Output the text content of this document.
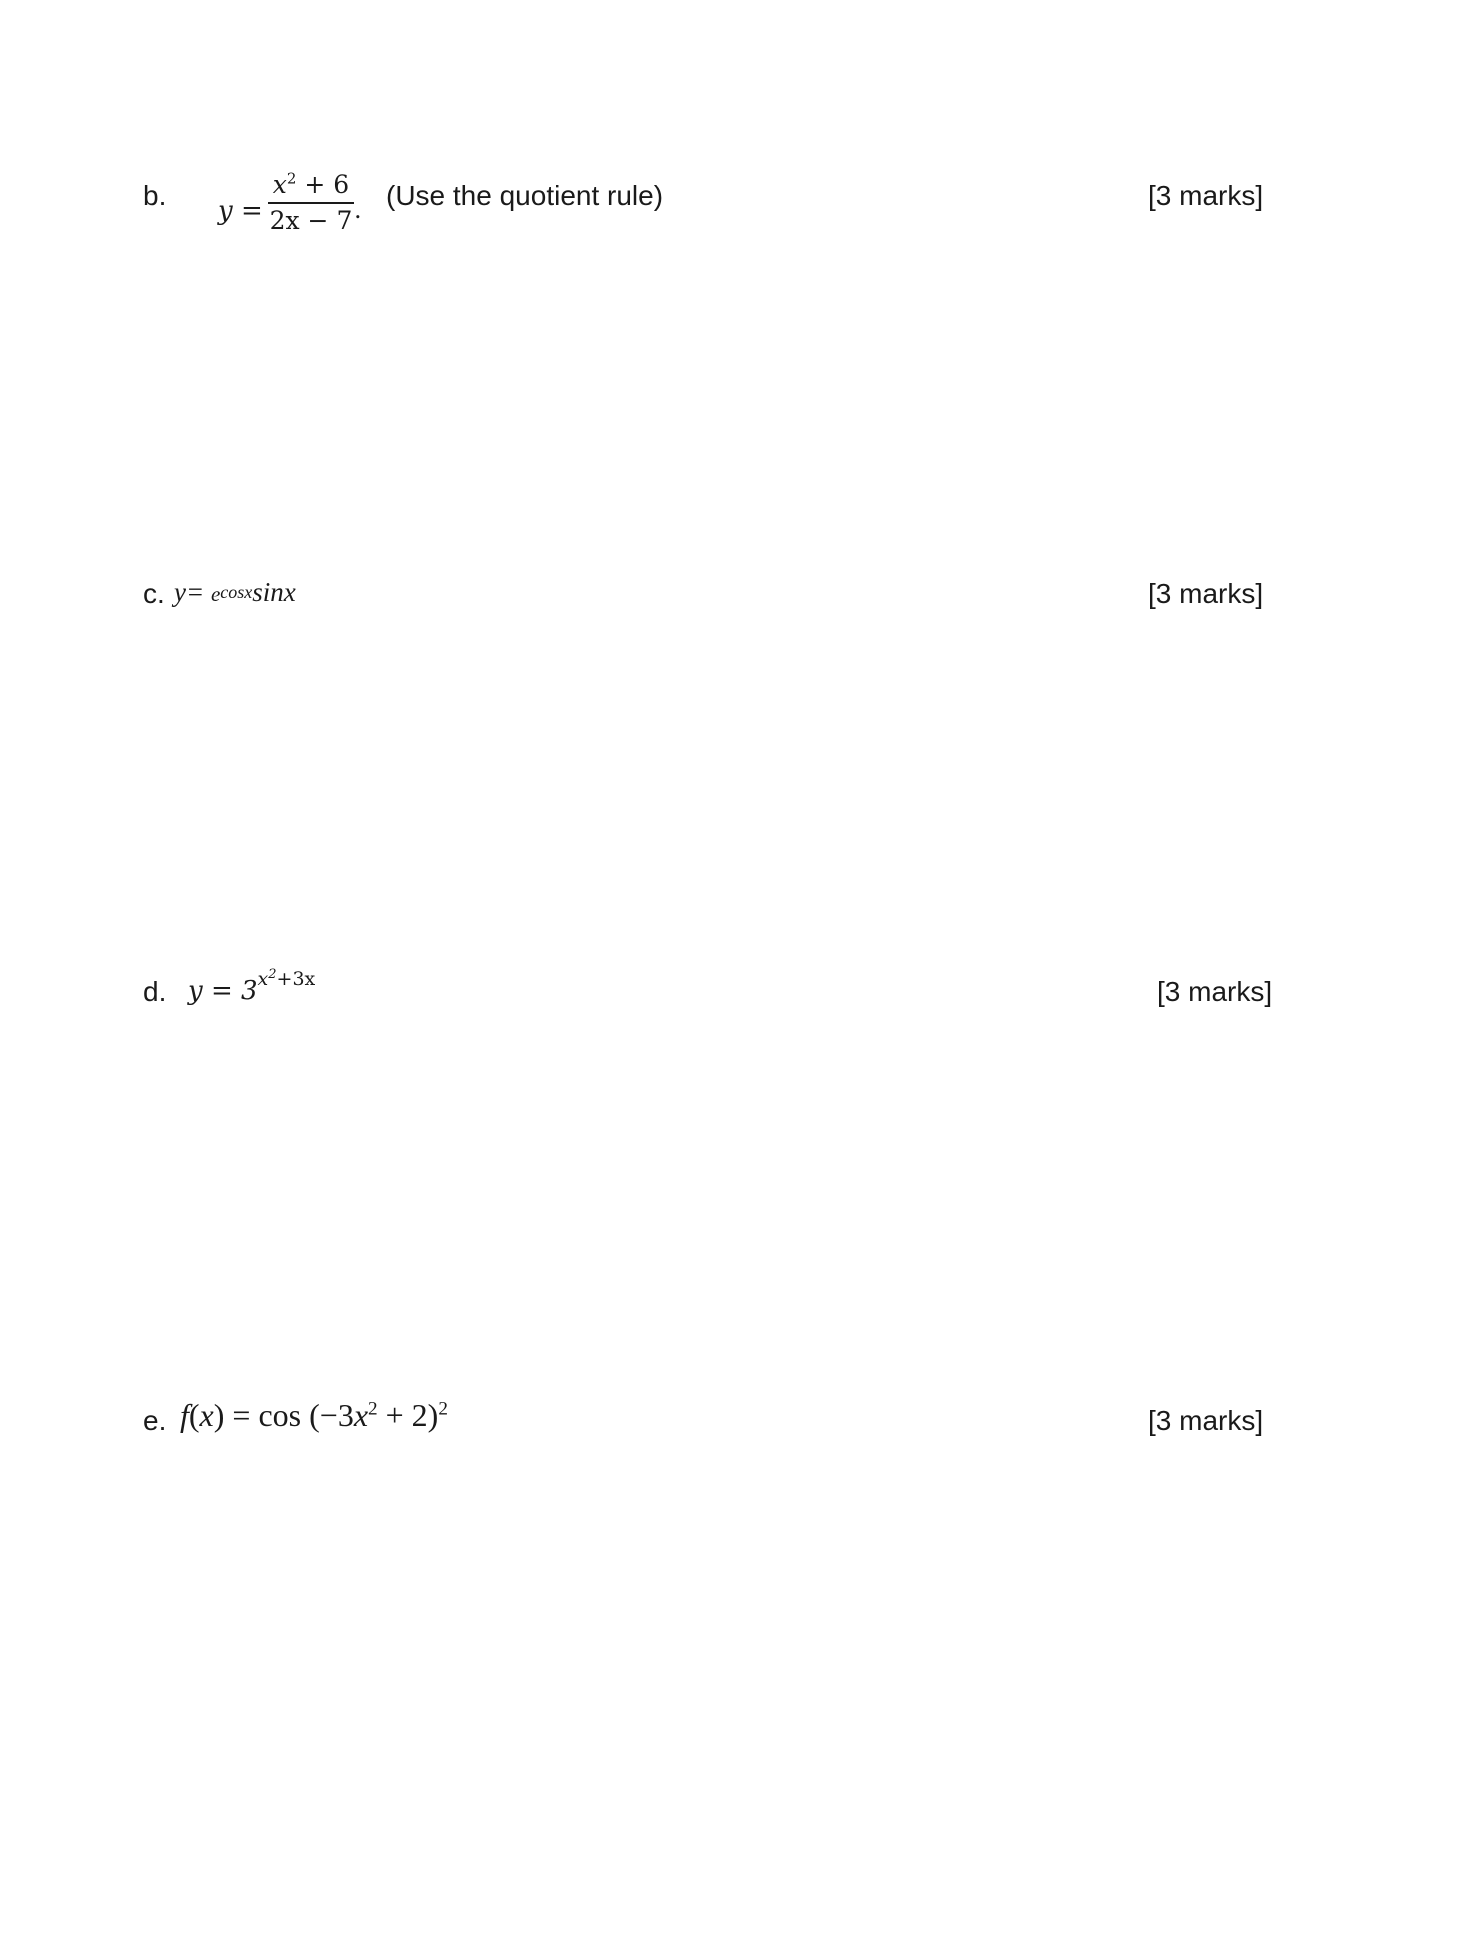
b. y =
$x^2 + 6$
2x − 7 . (Use the quotient rule)	[3 marks]
c. y= ecosxsinx	[3 marks]
d. $y = 3^{x^2+3x}$	[3 marks]
e. $f(x) = \cos (-3x^2 + 2)^2$	[3 marks]
